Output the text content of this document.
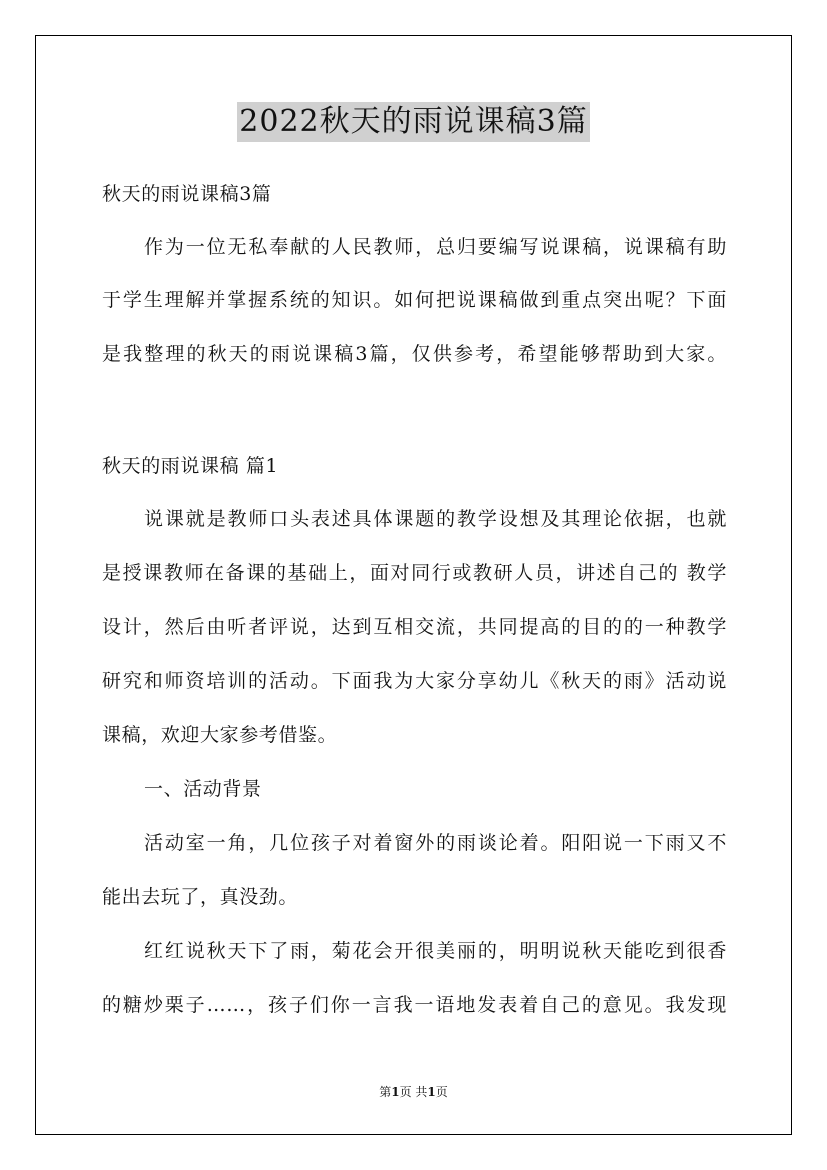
2022秋天的雨说课稿3篇
秋天的雨说课稿3篇
作为一位无私奉献的人民教师，总归要编写说课稿，说课稿有助
于学生理解并掌握系统的知识。如何把说课稿做到重点突出呢？下面
是我整理的秋天的雨说课稿3篇，仅供参考，希望能够帮助到大家。
秋天的雨说课稿 篇1
说课就是教师口头表述具体课题的教学设想及其理论依据，也就
是授课教师在备课的基础上，面对同行或教研人员，讲述自己的 教学
设计，然后由听者评说，达到互相交流，共同提高的目的的一种教学
研究和师资培训的活动。下面我为大家分享幼儿《秋天的雨》活动说
课稿，欢迎大家参考借鉴。
一、活动背景
活动室一角，几位孩子对着窗外的雨谈论着。阳阳说一下雨又不
能出去玩了，真没劲。
红红说秋天下了雨，菊花会开很美丽的，明明说秋天能吃到很香
的糖炒栗子……，孩子们你一言我一语地发表着自己的意见。我发现
第1页 共1页
